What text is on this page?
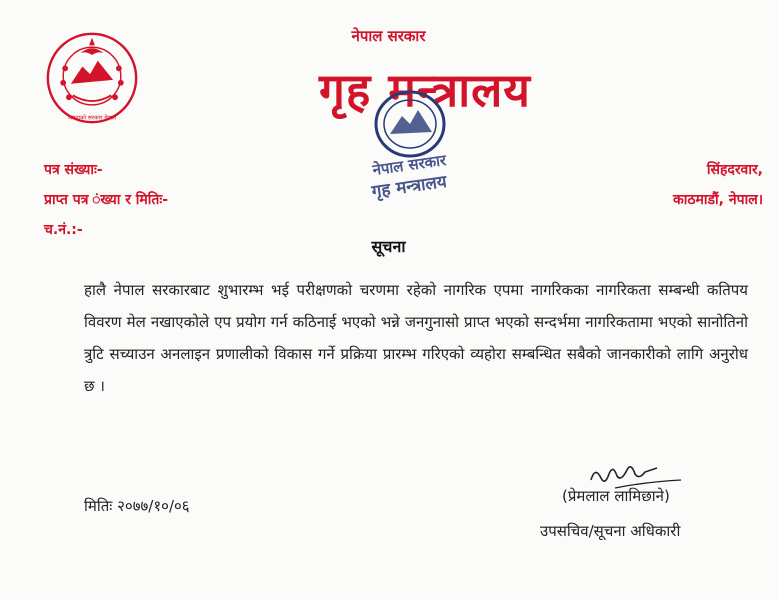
जनताको सरकार नेपाल
नेपाल सरकार
गृह मन्त्रालय
नेपाल सरकार
गृह मन्त्रालय
पत्र संख्याः-
प्राप्त पत्र ंख्या र मितिः-
च.नं.:-
सिंहदरवार,
काठमाडौं, नेपाल।
सूचना
हालै नेपाल सरकारबाट शुभारम्भ भई परीक्षणको चरणमा रहेको नागरिक एपमा नागरिकका नागरिकता सम्बन्धी कतिपय विवरण मेल नखाएकोले एप प्रयोग गर्न कठिनाई भएको भन्ने जनगुनासो प्राप्त भएको सन्दर्भमा नागरिकतामा भएको सानोतिनो त्रुटि सच्याउन अनलाइन प्रणालीको विकास गर्ने प्रक्रिया प्रारम्भ गरिएको व्यहोरा सम्बन्धित सबैको जानकारीको लागि अनुरोध छ ।
मितिः २०७७/१०/०६
(प्रेमलाल लामिछाने)
उपसचिव/सूचना अधिकारी
